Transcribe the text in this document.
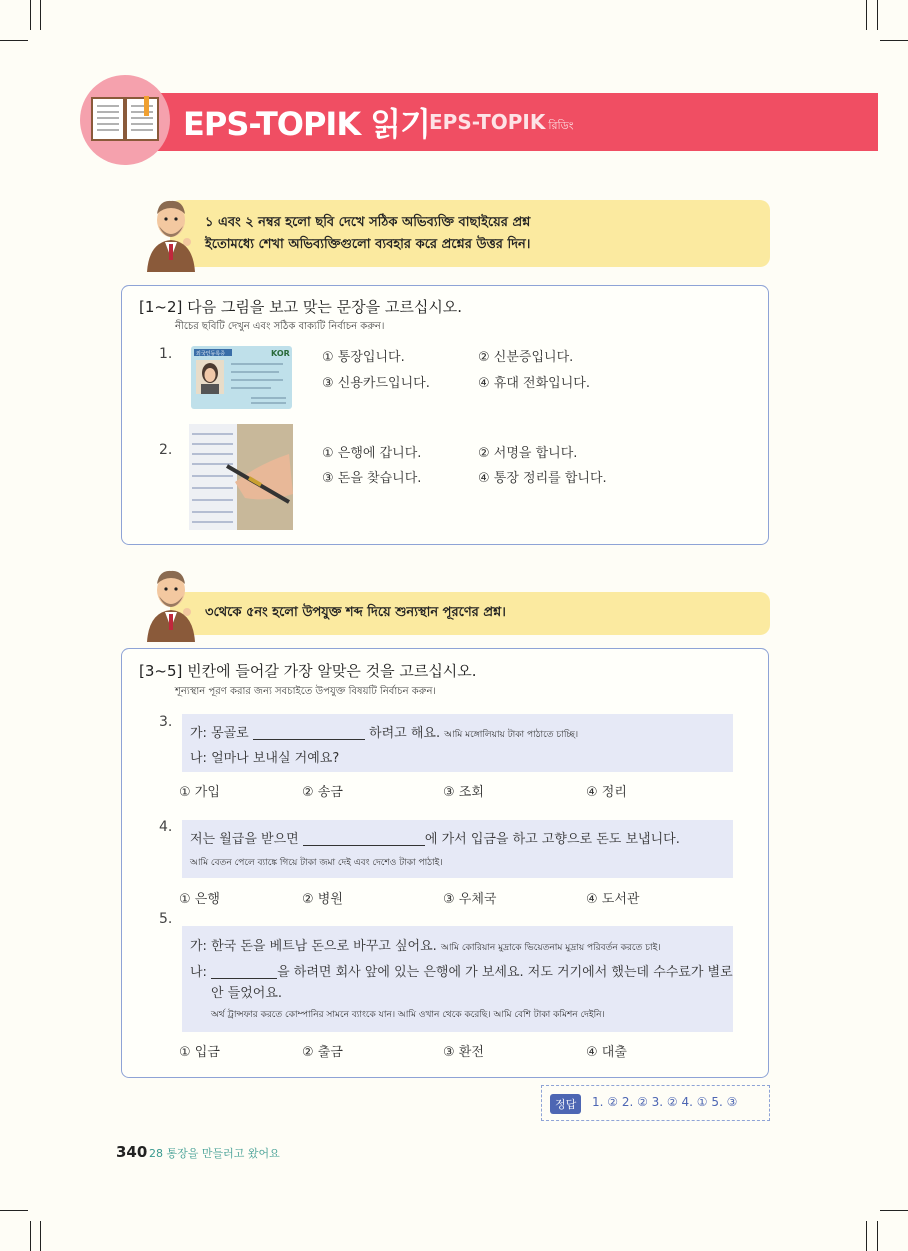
EPS-TOPIK 읽기
EPS-TOPIK রিডিং
১ এবং ২ নম্বর হলো ছবি দেখে সঠিক অভিব্যক্তি বাছাইয়ের প্রশ্ন
ইতোমধ্যে শেখা অভিব্যক্তিগুলো ব্যবহার করে প্রশ্নের উত্তর দিন।
[1~2] 다음 그림을 보고 맞는 문장을 고르십시오.
নীচের ছবিটি দেখুন এবং সঠিক বাক্যটি নির্বাচন করুন।
1.	외국인등록증	KOR ① 통장입니다.	② 신분증입니다.
③ 신용카드입니다.	④ 휴대 전화입니다.
2.	① 은행에 갑니다.	② 서명을 합니다.
③ 돈을 찾습니다.	④ 통장 정리를 합니다.
৩থেকে ৫নং হলো উপযুক্ত শব্দ দিয়ে শুন্যস্থান পূরণের প্রশ্ন।
[3~5] 빈칸에 들어갈 가장 알맞은 것을 고르십시오.
শূন্যস্থান পূরণ করার জন্য সবচাইতে উপযুক্ত বিষয়টি নির্বাচন করুন।
3.
가: 몽골로	하려고 해요. আমি মঙ্গোলিয়ায় টাকা পাঠাতে চাচ্ছি।
나: 얼마나 보내실 거예요?
① 가입	② 송금	③ 조회	④ 정리
4.
저는 월급을 받으면	에 가서 입금을 하고 고향으로 돈도 보냅니다.
আমি বেতন পেলে ব্যাঙ্কে গিয়ে টাকা জমা দেই এবং দেশেও টাকা পাঠাই।
① 은행	② 병원	③ 우체국	④ 도서관
5.
가: 한국 돈을 베트남 돈으로 바꾸고 싶어요. আমি কোরিয়ান মুদ্রাকে ভিয়েতনাম মুদ্রায় পরিবর্তন করতে চাই।
나:	을 하려면 회사 앞에 있는 은행에 가 보세요. 저도 거기에서 했는데 수수료가 별로
안 들었어요.
অর্থ ট্রান্সফার করতে কোম্পানির সামনে ব্যাংকে যান। আমি ওখান থেকে করেছি। আমি বেশি টাকা কমিশন দেইনি।
① 입금	② 출금	③ 환전	④ 대출
정답	1. ② 2. ② 3. ② 4. ① 5. ③
340 28 통장을 만들러고 왔어요
